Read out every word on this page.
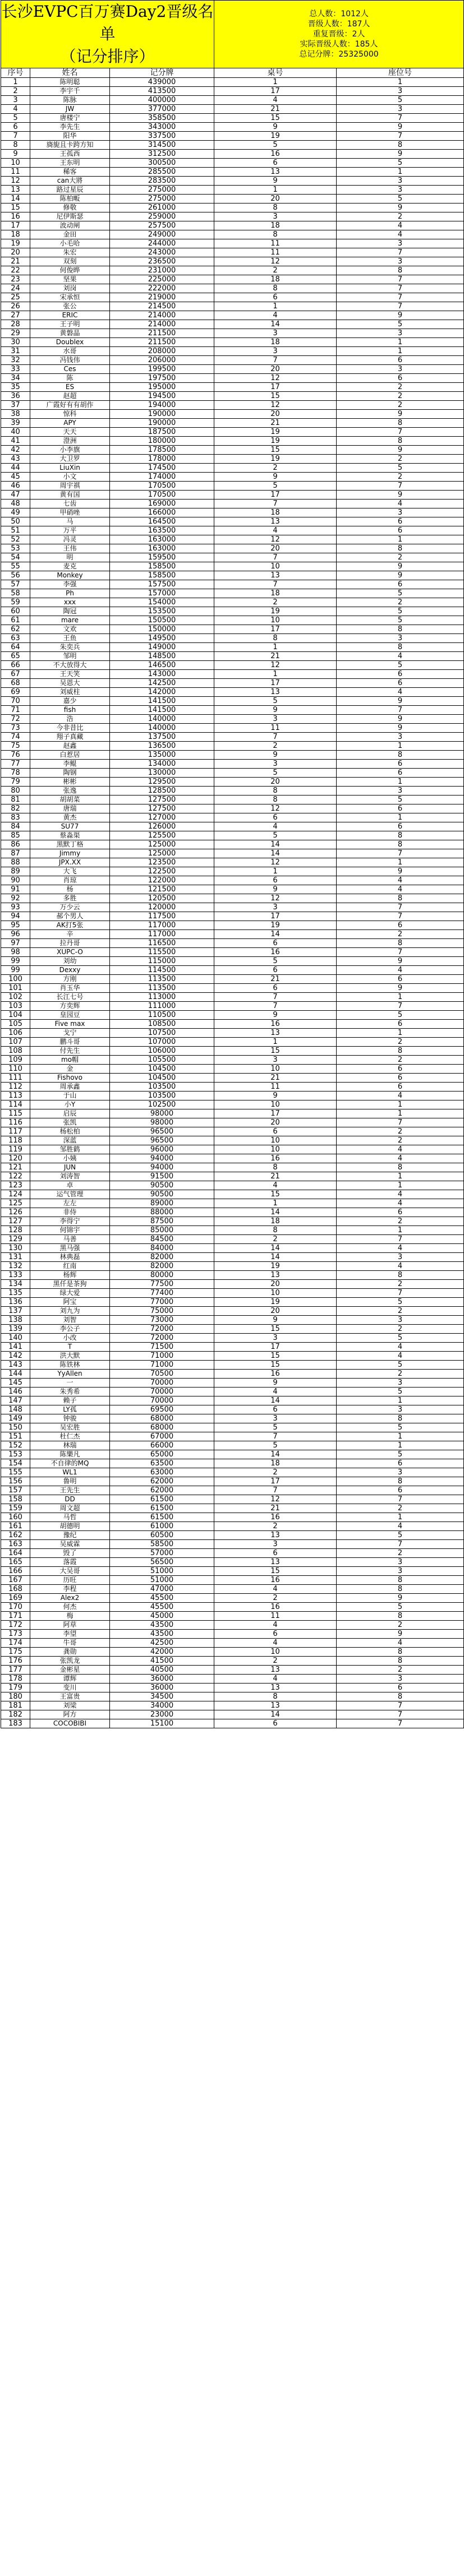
长沙EVPC百万赛Day2晋级名单
（记分排序）			总人数：1012人
晋级人数：187人
重复晋级：2人
实际晋级人数：185人
总记分牌：25325000	

序号	姓名	记分牌	桌号	座位号
1	陈明聪	439000	1	1
2	李宇千	413500	17	3
3	陈脉	400000	4	5
4	JW	377000	21	3
5	唐楼宁	358500	15	7
6	李先生	343000	9	9
7	阳华	337500	19	7
8	旖旎且卡跨方知	314500	5	8
9	王孤西	312500	16	9
10	王东明	300500	6	5
11	稀客	285500	13	1
12	can大將	283500	9	3
13	路过星辰	275000	1	3
14	陈柏畈	275000	20	5
15	修敬	261000	8	9
16	尼伊斯瑟	259000	3	2
17	波动闸	257500	18	4
18	金田	249000	8	4
19	小毛哈	244000	11	3
20	朱宏	243000	11	7
21	双刻	236500	12	3
22	何俊晔	231000	2	8
23	坚果	225000	18	7
24	刘岗	222000	8	7
25	宋承恒	219000	6	7
26	张公	214500	1	7
27	ERIC	214000	4	9
28	王子明	214000	14	5
29	黄磐晶	211500	3	3
30	Doublex	211500	18	1
31	水哥	208000	3	1
32	冯钱伟	206000	7	6
33	Ces	199500	20	3
34	陈	197500	12	6
35	ES	195000	17	2
36	赵超	194500	15	2
37	广霞好有有胡作	194000	12	2
38	惊科	190000	20	9
39	APY	190000	21	8
40	天天	187500	19	7
41	澄洲	180000	19	8
42	小李旗	178500	15	9
43	大卫罗	178000	19	2
44	LiuXin	174500	2	5
45	小文	174000	9	2
46	周宇祺	170500	5	7
47	黄有国	170500	17	9
48	七齿	169000	7	4
49	甲硝唑	166000	18	3
50	马	164500	13	6
51	万平	163500	4	6
52	冯灵	163000	12	1
53	王伟	163000	20	8
54	明	159500	7	2
55	麦克	158500	10	9
56	Monkey	158500	13	9
57	李强	157500	7	6
58	Ph	157000	18	5
59	xxx	154000	2	2
60	陶冠	153500	19	5
61	mare	150500	10	5
62	文欢	150000	17	8
63	王鱼	149500	8	3
64	朱奕兵	149000	1	8
65	邹明	148500	21	4
66	不大放得大	146500	12	5
67	王天笑	143000	1	6
68	吴恩大	142500	17	6
69	刘威柱	142000	13	4
70	嘉少	141500	5	9
71	fish	141500	9	7
72	浩	140000	3	9
73	今非昔比	140000	11	9
74	翔子真藏	137500	7	3
75	赵鑫	136500	2	1
76	白惹居	135000	9	8
77	李鲲	134000	3	6
78	陶钢	130000	5	6
79	彬彬	129500	20	1
80	张逸	128500	8	3
81	胡胡菜	127500	8	5
82	唐瑞	127500	12	6
83	黄杰	127000	6	1
84	SU77	126000	4	6
85	蔡淼渠	125500	5	8
86	黑默丁格	125000	14	8
87	Jimmy	125000	14	7
88	JPX.XX	123500	12	1
89	大飞	122500	1	9
90	肖琼	122000	6	4
91	杨	121500	9	4
92	多胜	120500	12	8
93	万少云	120000	3	7
94	郝个男人	117500	17	7
95	AK打5张	117000	19	6
96	辛	117000	14	2
97	拉丹哥	116500	6	8
98	XUPC-O	115500	16	7
99	刘幼	115000	5	9
99	Dexxy	114500	6	4
100	方刚	113500	21	6
101	肖玉华	113500	6	9
102	长江七号	113000	7	1
103	方奕辉	111000	7	7
104	皇园豆	110500	9	5
105	Five max	108500	16	6
106	戈宁	107500	13	1
107	鹏斗哥	107000	1	2
108	付先生	106000	15	8
109	mo帽	105500	3	2
110	金	104500	10	6
111	Fishovo	104500	21	6
112	周承鑫	103500	11	6
113	于山	103500	9	4
114	小Y	102500	10	1
115	启辰	98000	17	1
116	张凯	98000	20	7
117	杨松柏	96500	6	2
118	深蓝	96500	10	2
119	邹胜鹤	96000	10	4
120	小姨	94000	16	4
121	JUN	94000	8	8
122	刘涛智	91500	21	1
123	卓	90500	4	1
124	运气管理	90500	15	4
125	左左	89000	1	4
126	非侍	88000	14	6
127	李得宁	87500	18	2
128	何锦宇	85000	8	1
129	马善	84500	2	7
130	黑马强	84000	14	4
131	林典磊	82000	14	3
132	红南	82000	19	4
133	杨辉	80000	13	8
134	黑仟是茶狗	77500	20	2
135	绿大爱	77400	10	7
136	阿宝	77000	19	5
137	刘九为	75000	20	2
138	刘智	73000	9	3
139	李公子	72000	15	2
140	小改	72000	3	5
141	T	71500	17	4
142	洪大默	71000	15	4
143	陈铁林	71000	15	5
144	YyAllen	70500	16	2
145	一	70000	9	3
146	朱秀希	70000	4	5
147	赖子	70000	14	1
148	LY孤	69500	6	3
149	钟骏	68000	3	8
150	吴宏胜	68000	5	5
151	杜仁杰	67000	7	1
152	林瑞	66000	5	1
153	陈樂凡	65000	14	5
154	不自律的MQ	63500	18	6
155	WL1	63000	2	3
156	鲁明	62000	17	8
157	王先生	62000	7	6
158	DD	61500	12	7
159	周文超	61500	21	2
160	马哲	61500	16	1
161	胡德明	61000	2	4
162	豫纪	60500	13	5
163	吴威霖	58500	3	7
164	毁了	57000	6	2
165	落霞	56500	13	3
166	大吴哥	51000	15	3
167	历旺	51000	16	8
168	李程	47000	4	8
169	Alex2	45500	2	9
170	何杰	45500	16	5
171	梅	45000	11	8
172	阿草	43500	4	2
173	李望	43500	6	9
174	牛哥	42500	4	4
175	龚勋	42000	10	8
176	张凯龙	41500	2	8
177	金彬星	40500	13	2
178	谭辉	36000	4	3
179	变川	36000	13	6
180	王富贵	34500	8	8
181	刘梁	34000	13	7
182	阿方	23000	14	7
183	COCOBIBI	15100	6	7
